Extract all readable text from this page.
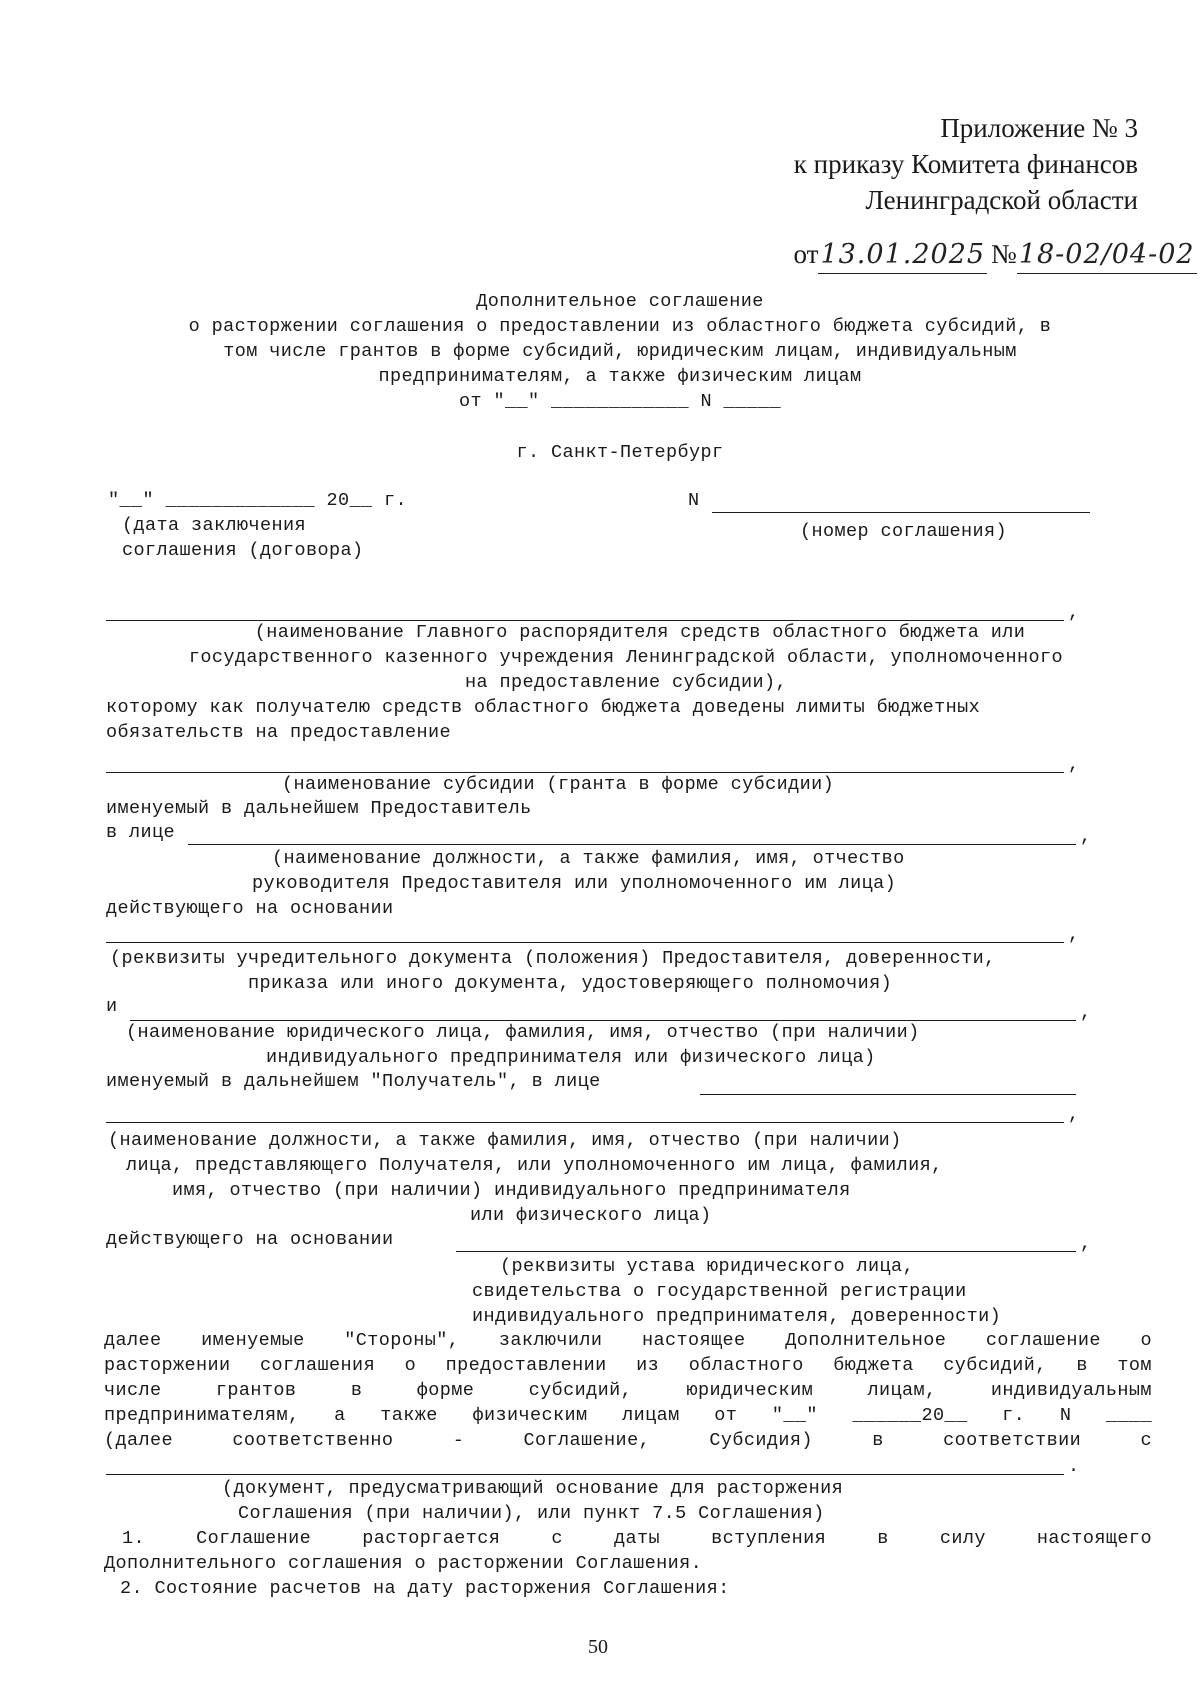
Приложение № 3
к приказу Комитета финансов
Ленинградской области

от13.01.2025 №18-02/04-02

Дополнительное соглашение
о расторжении соглашения о предоставлении из областного бюджета субсидий, в
том числе грантов в форме субсидий, юридическим лицам, индивидуальным
предпринимателям, а также физическим лицам
от "__" ____________ N _____
г. Санкт-Петербург
"__" _____________ 20__ г.	N
(дата заключения
соглашения (договора)
(номер соглашения)
,
(наименование Главного распорядителя средств областного бюджета или
государственного казенного учреждения Ленинградской области, уполномоченного
на предоставление субсидии),
которому как получателю средств областного бюджета доведены лимиты бюджетных
обязательств на предоставление
,
(наименование субсидии (гранта в форме субсидии)
именуемый в дальнейшем Предоставитель
в лице	,
(наименование должности, а также фамилия, имя, отчество
руководителя Предоставителя или уполномоченного им лица)
действующего на основании
,
(реквизиты учредительного документа (положения) Предоставителя, доверенности,
приказа или иного документа, удостоверяющего полномочия)
и	,
(наименование юридического лица, фамилия, имя, отчество (при наличии)
индивидуального предпринимателя или физического лица)
именуемый в дальнейшем "Получатель", в лице
,
(наименование должности, а также фамилия, имя, отчество (при наличии)
лица, представляющего Получателя, или уполномоченного им лица, фамилия,
имя, отчество (при наличии) индивидуального предпринимателя
или физического лица)
действующего на основании	,
(реквизиты устава юридического лица,
свидетельства о государственной регистрации
индивидуального предпринимателя, доверенности)
далее именуемые "Стороны", заключили настоящее Дополнительное соглашение о
расторжении соглашения о предоставлении из областного бюджета субсидий, в том
числе	грантов	в	форме	субсидий,	юридическим	лицам,	индивидуальным
предпринимателям, а также физическим лицам от "__" ______20__ г. N ____
(далее	соответственно	-	Соглашение,	Субсидия)	в	соответствии	с
.
(документ, предусматривающий основание для расторжения
Соглашения (при наличии), или пункт 7.5 Соглашения)
1.	Соглашение	расторгается	с	даты	вступления	в	силу	настоящего
Дополнительного соглашения о расторжении Соглашения.
2. Состояние расчетов на дату расторжения Соглашения:
50
